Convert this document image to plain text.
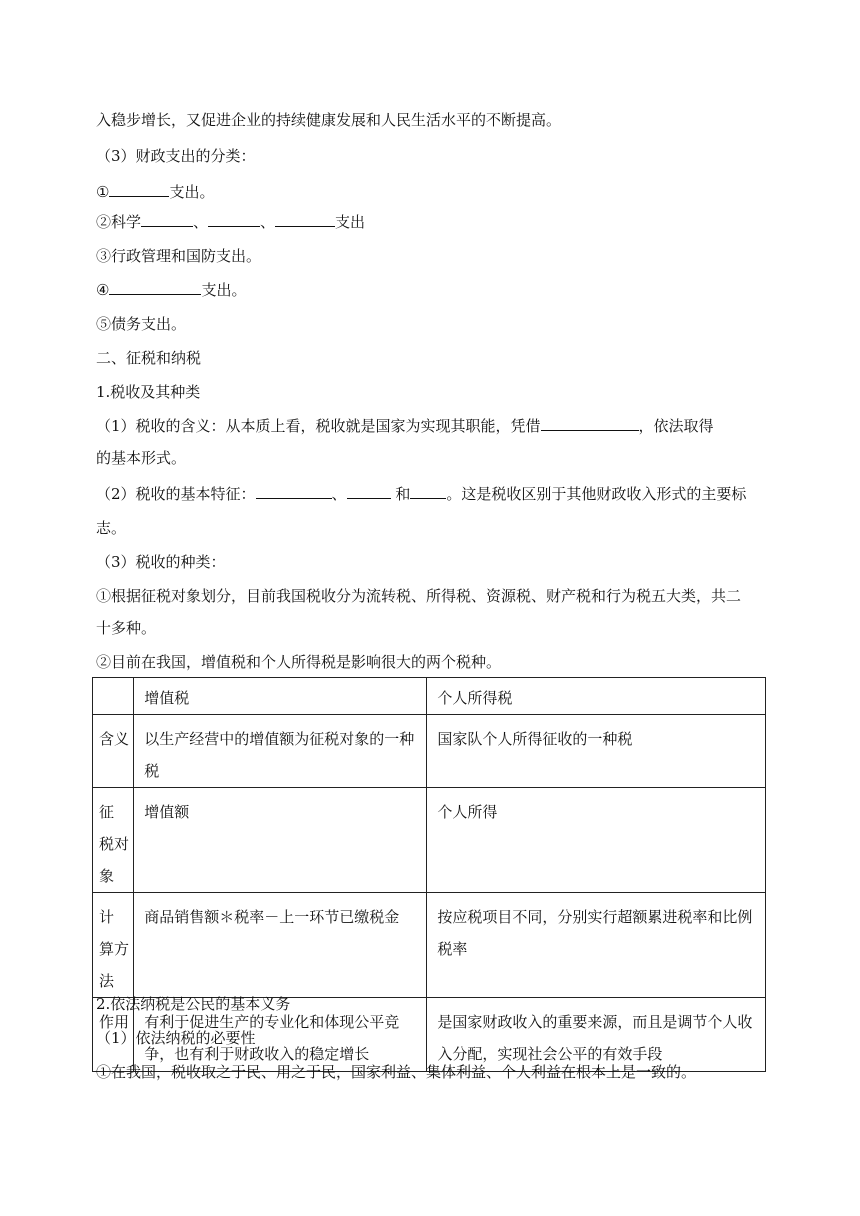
入稳步增长，又促进企业的持续健康发展和人民生活水平的不断提高。
（3）财政支出的分类：
①	支出。
②科学	、	、	支出
③行政管理和国防支出。
④	支出。
⑤债务支出。
二、征税和纳税
1.税收及其种类
（1）税收的含义：从本质上看，税收就是国家为实现其职能，凭借	，依法取得
的基本形式。
（2）税收的基本特征：	、	和 。这是税收区别于其他财政收入形式的主要标
志。
（3）税收的种类：
①根据征税对象划分，目前我国税收分为流转税、所得税、资源税、财产税和行为税五大类，共二
十多种。
②目前在我国，增值税和个人所得税是影响很大的两个税种。
	增值税	个人所得税
含义	以生产经营中的增值额为征税对象的一种税	国家队个人所得征收的一种税
征 税对象	增值额	个人所得
计 算方法	商品销售额＊税率－上一环节已缴税金	按应税项目不同，分别实行超额累进税率和比例税率
作用	有利于促进生产的专业化和体现公平竞争，也有利于财政收入的稳定增长	是国家财政收入的重要来源，而且是调节个人收入分配，实现社会公平的有效手段
2.依法纳税是公民的基本义务
（1）依法纳税的必要性
①在我国，税收取之于民、用之于民，国家利益、集体利益、个人利益在根本上是一致的。
